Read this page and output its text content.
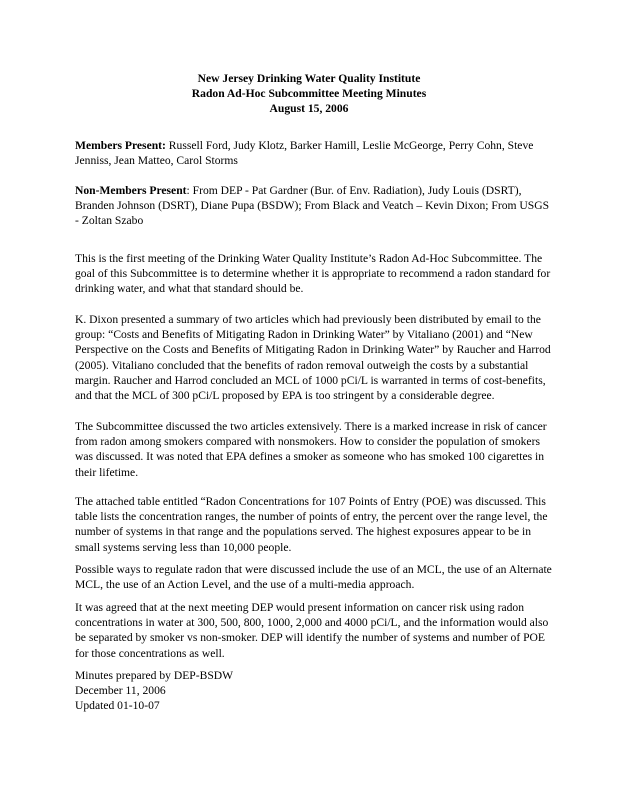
New Jersey Drinking Water Quality Institute
Radon Ad-Hoc Subcommittee Meeting Minutes
August 15, 2006

Members Present: Russell Ford, Judy Klotz, Barker Hamill, Leslie McGeorge, Perry Cohn, Steve Jenniss, Jean Matteo, Carol Storms

Non-Members Present: From DEP - Pat Gardner (Bur. of Env. Radiation), Judy Louis (DSRT), Branden Johnson (DSRT), Diane Pupa (BSDW); From Black and Veatch – Kevin Dixon; From USGS - Zoltan Szabo

This is the first meeting of the Drinking Water Quality Institute’s Radon Ad-Hoc Subcommittee. The goal of this Subcommittee is to determine whether it is appropriate to recommend a radon standard for drinking water, and what that standard should be.

K. Dixon presented a summary of two articles which had previously been distributed by email to the group: “Costs and Benefits of Mitigating Radon in Drinking Water” by Vitaliano (2001) and “New Perspective on the Costs and Benefits of Mitigating Radon in Drinking Water” by Raucher and Harrod (2005). Vitaliano concluded that the benefits of radon removal outweigh the costs by a substantial margin. Raucher and Harrod concluded an MCL of 1000 pCi/L is warranted in terms of cost-benefits, and that the MCL of 300 pCi/L proposed by EPA is too stringent by a considerable degree.

The Subcommittee discussed the two articles extensively. There is a marked increase in risk of cancer from radon among smokers compared with nonsmokers. How to consider the population of smokers was discussed. It was noted that EPA defines a smoker as someone who has smoked 100 cigarettes in their lifetime.

The attached table entitled “Radon Concentrations for 107 Points of Entry (POE) was discussed. This table lists the concentration ranges, the number of points of entry, the percent over the range level, the number of systems in that range and the populations served. The highest exposures appear to be in small systems serving less than 10,000 people.

Possible ways to regulate radon that were discussed include the use of an MCL, the use of an Alternate MCL, the use of an Action Level, and the use of a multi-media approach.

It was agreed that at the next meeting DEP would present information on cancer risk using radon concentrations in water at 300, 500, 800, 1000, 2,000 and 4000 pCi/L, and the information would also be separated by smoker vs non-smoker. DEP will identify the number of systems and number of POE for those concentrations as well.

Minutes prepared by DEP-BSDW
December 11, 2006
Updated 01-10-07
